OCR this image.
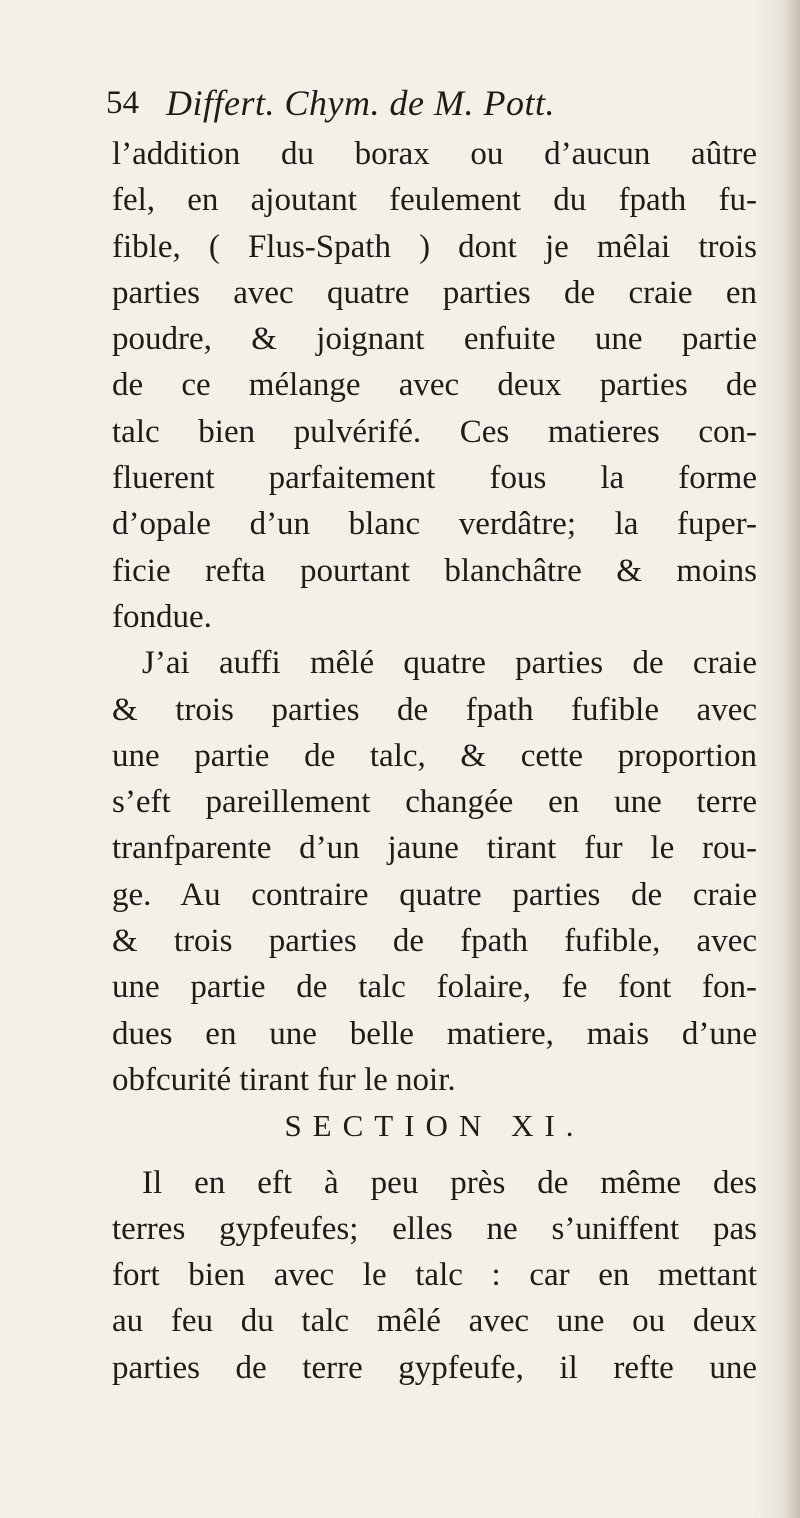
54 Differt. Chym. de M. Pott.
l’addition du borax ou d’aucun aûtre
fel, en ajoutant feulement du fpath fu-
fible, ( Flus-Spath ) dont je mêlai trois
parties avec quatre parties de craie en
poudre, & joignant enfuite une partie
de ce mélange avec deux parties de
talc bien pulvérifé. Ces matieres con-
fluerent parfaitement fous la forme
d’opale d’un blanc verdâtre; la fuper-
ficie refta pourtant blanchâtre & moins
fondue.
J’ai auffi mêlé quatre parties de craie
& trois parties de fpath fufible avec
une partie de talc, & cette proportion
s’eft pareillement changée en une terre
tranfparente d’un jaune tirant fur le rou-
ge. Au contraire quatre parties de craie
& trois parties de fpath fufible, avec
une partie de talc folaire, fe font fon-
dues en une belle matiere, mais d’une
obfcurité tirant fur le noir.
SECTION XI.
Il en eft à peu près de même des
terres gypfeufes; elles ne s’uniffent pas
fort bien avec le talc : car en mettant
au feu du talc mêlé avec une ou deux
parties de terre gypfeufe, il refte une
